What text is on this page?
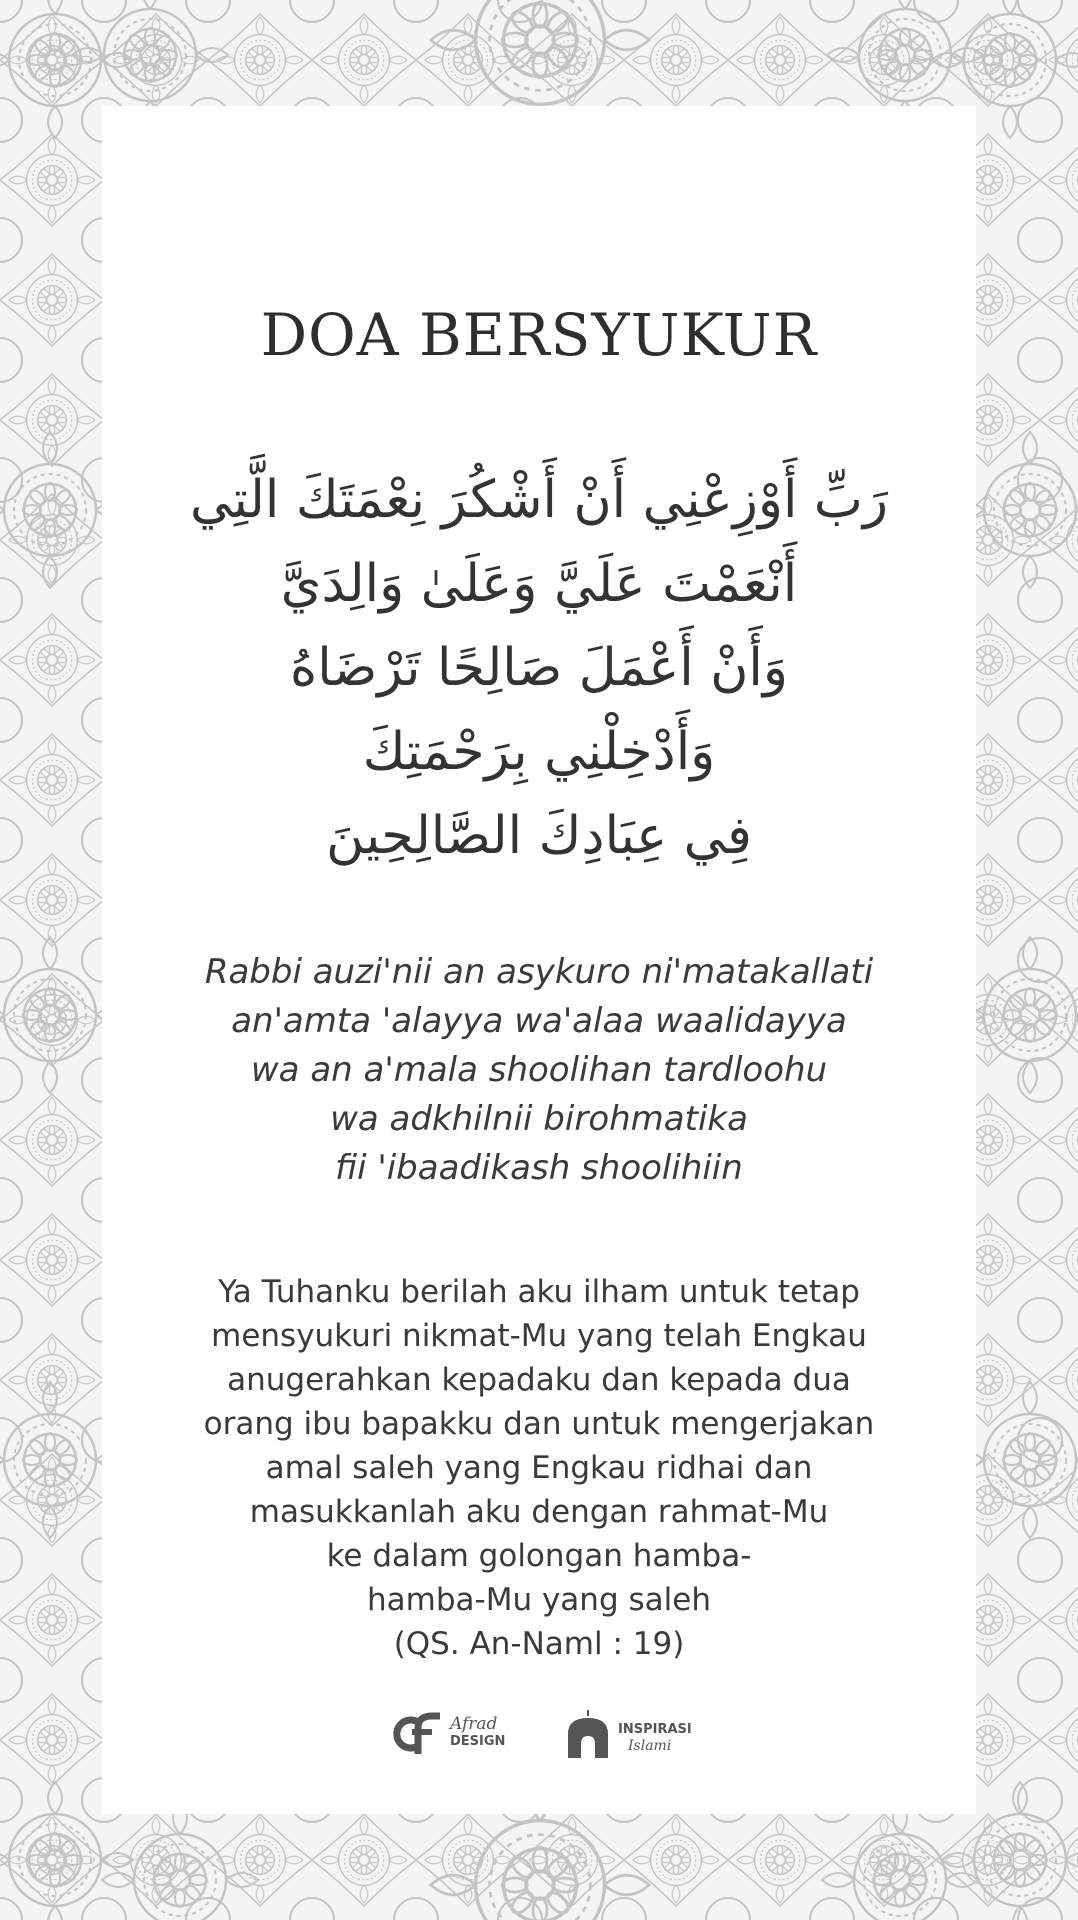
DOA BERSYUKUR
رَبِّ أَوْزِعْنِي أَنْ أَشْكُرَ نِعْمَتَكَ الَّتِي
أَنْعَمْتَ عَلَيَّ وَعَلَىٰ وَالِدَيَّ
وَأَنْ أَعْمَلَ صَالِحًا تَرْضَاهُ
وَأَدْخِلْنِي بِرَحْمَتِكَ
فِي عِبَادِكَ الصَّالِحِينَ
Rabbi auzi'nii an asykuro ni'matakallati
an'amta 'alayya wa'alaa waalidayya
wa an a'mala shoolihan tardloohu
wa adkhilnii birohmatika
fii 'ibaadikash shoolihiin
Ya Tuhanku berilah aku ilham untuk tetap
mensyukuri nikmat-Mu yang telah Engkau
anugerahkan kepadaku dan kepada dua
orang ibu bapakku dan untuk mengerjakan
amal saleh yang Engkau ridhai dan
masukkanlah aku dengan rahmat-Mu
ke dalam golongan hamba-
hamba-Mu yang saleh
(QS. An-Naml : 19)
Afrad
DESIGN
INSPIRASI
Islami
